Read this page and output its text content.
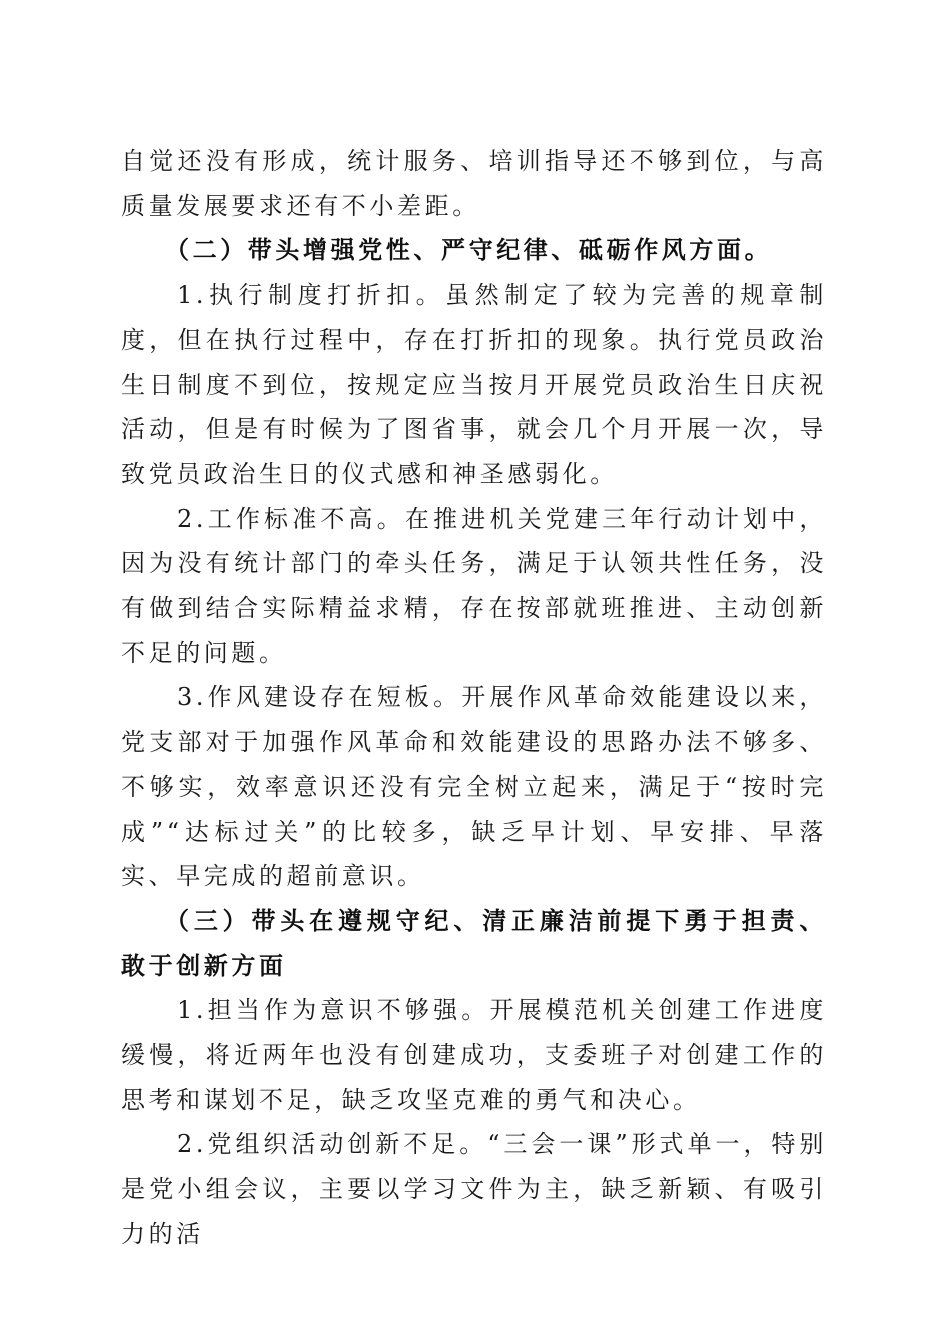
自觉还没有形成，统计服务、培训指导还不够到位，与高质量发展要求还有不小差距。

（二）带头增强党性、严守纪律、砥砺作风方面。

1.执行制度打折扣。虽然制定了较为完善的规章制度，但在执行过程中，存在打折扣的现象。执行党员政治生日制度不到位，按规定应当按月开展党员政治生日庆祝活动，但是有时候为了图省事，就会几个月开展一次，导致党员政治生日的仪式感和神圣感弱化。

2.工作标准不高。在推进机关党建三年行动计划中，因为没有统计部门的牵头任务，满足于认领共性任务，没有做到结合实际精益求精，存在按部就班推进、主动创新不足的问题。

3.作风建设存在短板。开展作风革命效能建设以来，党支部对于加强作风革命和效能建设的思路办法不够多、不够实，效率意识还没有完全树立起来，满足于“按时完成”“达标过关”的比较多，缺乏早计划、早安排、早落实、早完成的超前意识。

（三）带头在遵规守纪、清正廉洁前提下勇于担责、敢于创新方面

1.担当作为意识不够强。开展模范机关创建工作进度缓慢，将近两年也没有创建成功，支委班子对创建工作的思考和谋划不足，缺乏攻坚克难的勇气和决心。

2.党组织活动创新不足。“三会一课”形式单一，特别是党小组会议，主要以学习文件为主，缺乏新颖、有吸引力的活
